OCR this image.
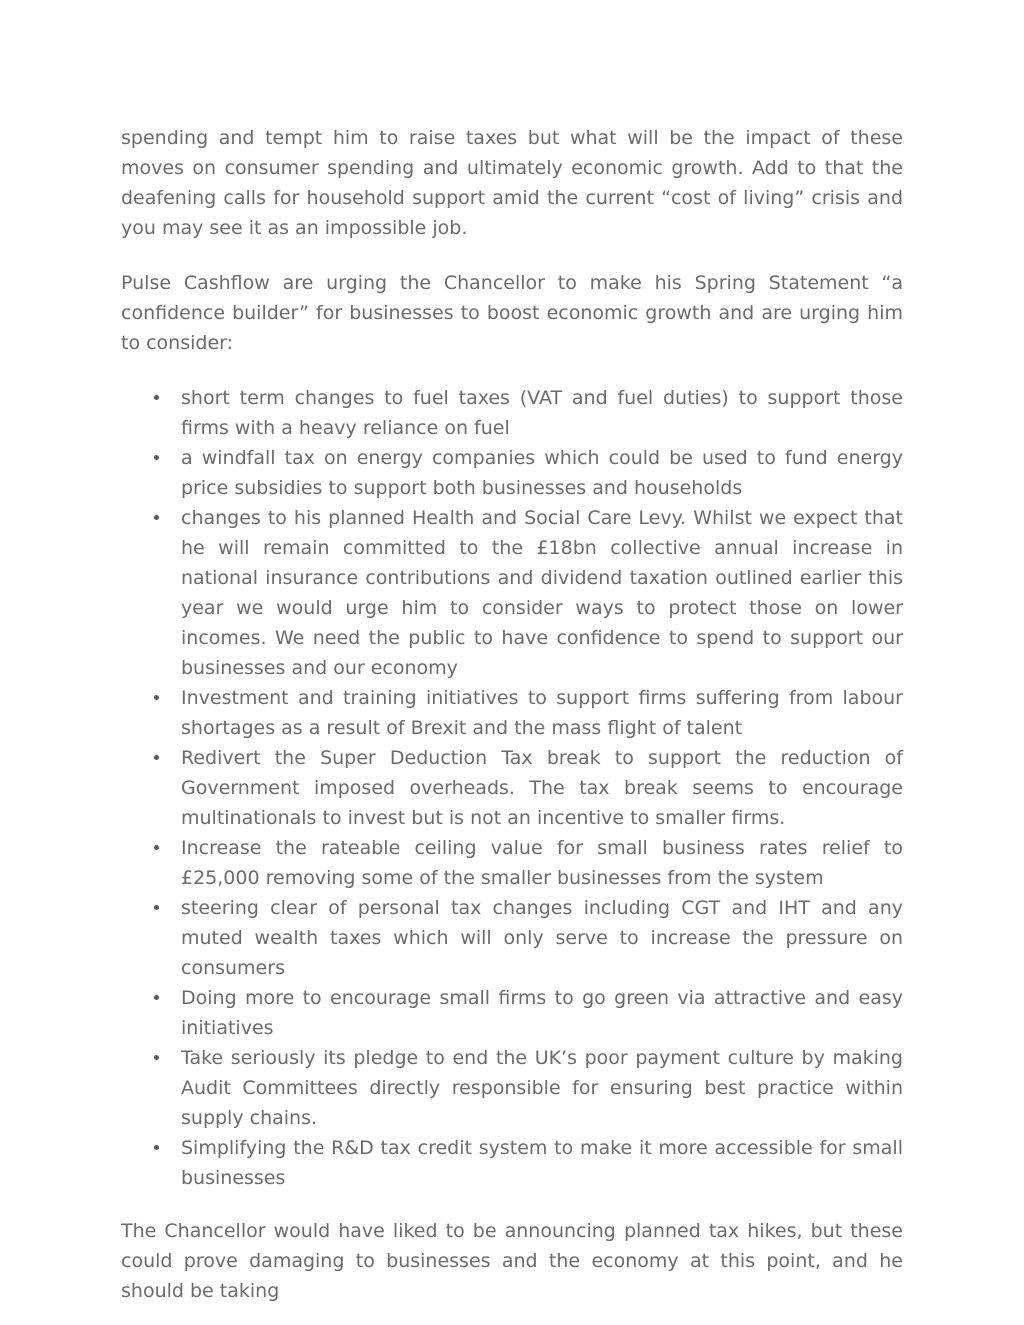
spending and tempt him to raise taxes but what will be the impact of these moves on consumer spending and ultimately economic growth. Add to that the deafening calls for household support amid the current “cost of living” crisis and you may see it as an impossible job.

Pulse Cashflow are urging the Chancellor to make his Spring Statement “a confidence builder” for businesses to boost economic growth and are urging him to consider:

short term changes to fuel taxes (VAT and fuel duties) to support those firms with a heavy reliance on fuel
a windfall tax on energy companies which could be used to fund energy price subsidies to support both businesses and households
changes to his planned Health and Social Care Levy. Whilst we expect that he will remain committed to the £18bn collective annual increase in national insurance contributions and dividend taxation outlined earlier this year we would urge him to consider ways to protect those on lower incomes. We need the public to have confidence to spend to support our businesses and our economy
Investment and training initiatives to support firms suffering from labour shortages as a result of Brexit and the mass flight of talent
Redivert the Super Deduction Tax break to support the reduction of Government imposed overheads. The tax break seems to encourage multinationals to invest but is not an incentive to smaller firms.
Increase the rateable ceiling value for small business rates relief to £25,000 removing some of the smaller businesses from the system
steering clear of personal tax changes including CGT and IHT and any muted wealth taxes which will only serve to increase the pressure on consumers
Doing more to encourage small firms to go green via attractive and easy initiatives
Take seriously its pledge to end the UK’s poor payment culture by making Audit Committees directly responsible for ensuring best practice within supply chains.
Simplifying the R&D tax credit system to make it more accessible for small businesses

The Chancellor would have liked to be announcing planned tax hikes, but these could prove damaging to businesses and the economy at this point, and he should be taking
